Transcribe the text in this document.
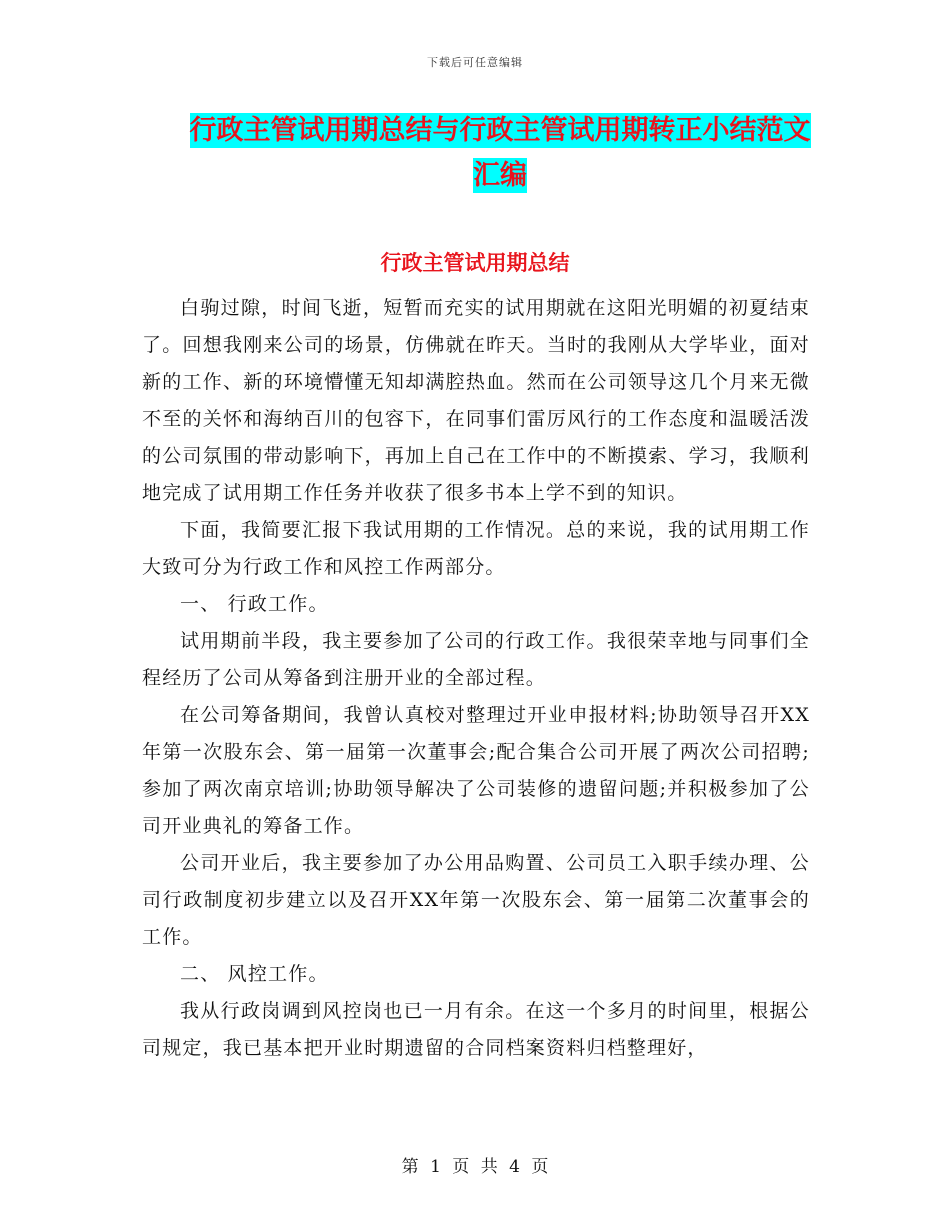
下载后可任意编辑
行政主管试用期总结与行政主管试用期转正小结范文
汇编
行政主管试用期总结

白驹过隙，时间飞逝，短暂而充实的试用期就在这阳光明媚的初夏结束了。回想我刚来公司的场景，仿佛就在昨天。当时的我刚从大学毕业，面对新的工作、新的环境懵懂无知却满腔热血。然而在公司领导这几个月来无微不至的关怀和海纳百川的包容下，在同事们雷厉风行的工作态度和温暖活泼的公司氛围的带动影响下，再加上自己在工作中的不断摸索、学习，我顺利地完成了试用期工作任务并收获了很多书本上学不到的知识。

下面，我简要汇报下我试用期的工作情况。总的来说，我的试用期工作大致可分为行政工作和风控工作两部分。

一、 行政工作。

试用期前半段，我主要参加了公司的行政工作。我很荣幸地与同事们全程经历了公司从筹备到注册开业的全部过程。

在公司筹备期间，我曾认真校对整理过开业申报材料;协助领导召开XX年第一次股东会、第一届第一次董事会;配合集合公司开展了两次公司招聘;参加了两次南京培训;协助领导解决了公司装修的遗留问题;并积极参加了公司开业典礼的筹备工作。

公司开业后，我主要参加了办公用品购置、公司员工入职手续办理、公司行政制度初步建立以及召开XX年第一次股东会、第一届第二次董事会的工作。

二、 风控工作。

我从行政岗调到风控岗也已一月有余。在这一个多月的时间里，根据公司规定，我已基本把开业时期遗留的合同档案资料归档整理好，

第 1 页 共 4 页
